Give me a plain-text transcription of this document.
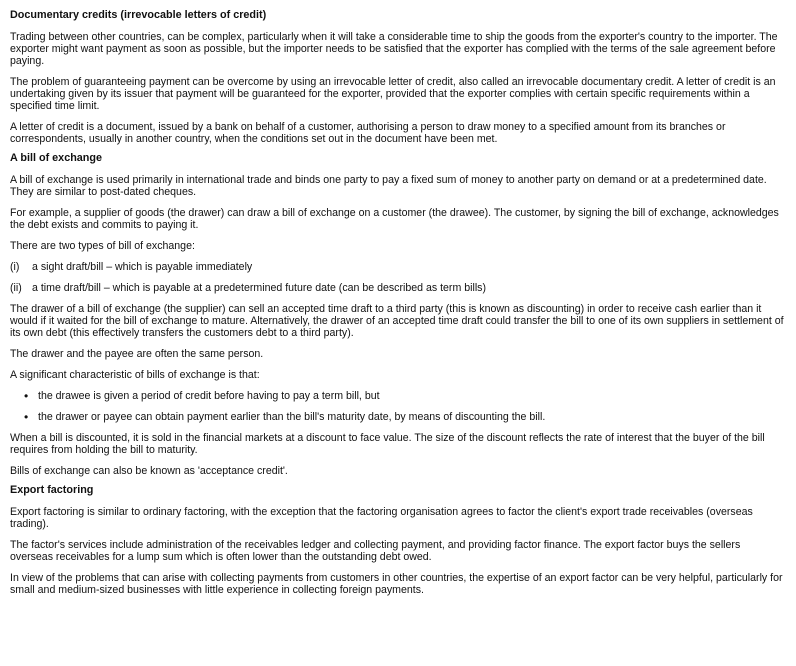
Documentary credits (irrevocable letters of credit)

Trading between other countries, can be complex, particularly when it will take a considerable time to ship the goods from the exporter's country to the importer. The exporter might want payment as soon as possible, but the importer needs to be satisfied that the exporter has complied with the terms of the sale agreement before paying.

The problem of guaranteeing payment can be overcome by using an irrevocable letter of credit, also called an irrevocable documentary credit. A letter of credit is an undertaking given by its issuer that payment will be guaranteed for the exporter, provided that the exporter complies with certain specific requirements within a specified time limit.

A letter of credit is a document, issued by a bank on behalf of a customer, authorising a person to draw money to a specified amount from its branches or correspondents, usually in another country, when the conditions set out in the document have been met.

A bill of exchange

A bill of exchange is used primarily in international trade and binds one party to pay a fixed sum of money to another party on demand or at a predetermined date. They are similar to post-dated cheques.

For example, a supplier of goods (the drawer) can draw a bill of exchange on a customer (the drawee). The customer, by signing the bill of exchange, acknowledges the debt exists and commits to paying it.

There are two types of bill of exchange:

(i)	a sight draft/bill – which is payable immediately
(ii) a time draft/bill – which is payable at a predetermined future date (can be described as term bills)

The drawer of a bill of exchange (the supplier) can sell an accepted time draft to a third party (this is known as discounting) in order to receive cash earlier than it would if it waited for the bill of exchange to mature. Alternatively, the drawer of an accepted time draft could transfer the bill to one of its own suppliers in settlement of its own debt (this effectively transfers the customers debt to a third party).

The drawer and the payee are often the same person.

A significant characteristic of bills of exchange is that:

• the drawee is given a period of credit before having to pay a term bill, but
• the drawer or payee can obtain payment earlier than the bill's maturity date, by means of discounting the bill.

When a bill is discounted, it is sold in the financial markets at a discount to face value. The size of the discount reflects the rate of interest that the buyer of the bill requires from holding the bill to maturity.

Bills of exchange can also be known as 'acceptance credit'.

Export factoring

Export factoring is similar to ordinary factoring, with the exception that the factoring organisation agrees to factor the client's export trade receivables (overseas trading).

The factor's services include administration of the receivables ledger and collecting payment, and providing factor finance. The export factor buys the sellers overseas receivables for a lump sum which is often lower than the outstanding debt owed.

In view of the problems that can arise with collecting payments from customers in other countries, the expertise of an export factor can be very helpful, particularly for small and medium-sized businesses with little experience in collecting foreign payments.
